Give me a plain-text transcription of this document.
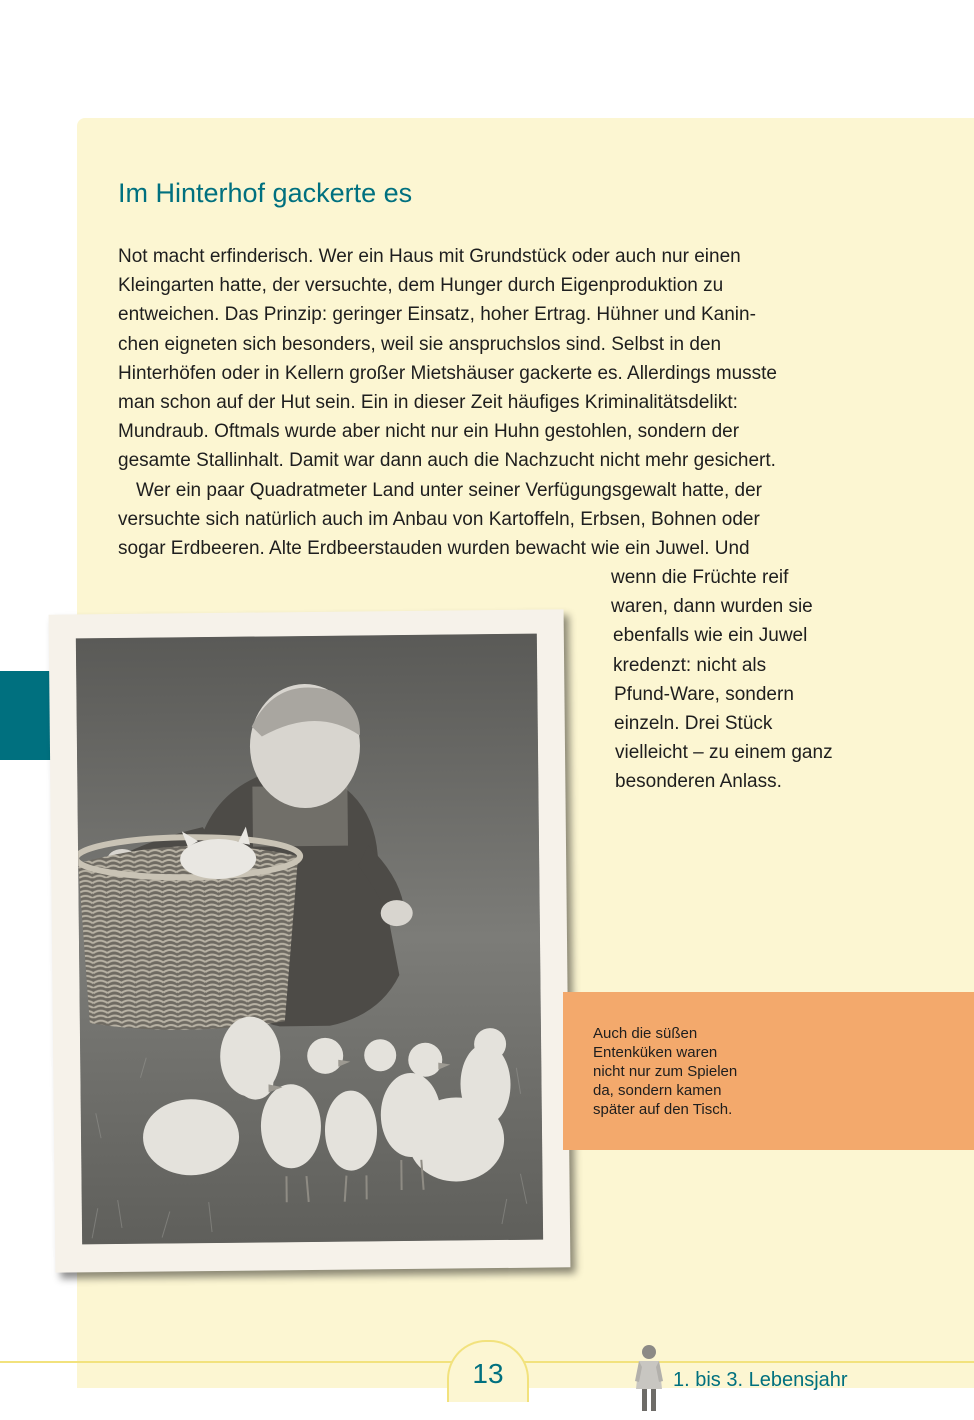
Im Hinterhof gackerte es

Not macht erfinderisch. Wer ein Haus mit Grundstück oder auch nur einen

Kleingarten hatte, der versuchte, dem Hunger durch Eigenproduktion zu

entweichen. Das Prinzip: geringer Einsatz, hoher Ertrag. Hühner und Kanin-

chen eigneten sich besonders, weil sie anspruchslos sind. Selbst in den

Hinterhöfen oder in Kellern großer Mietshäuser gackerte es. Allerdings musste

man schon auf der Hut sein. Ein in dieser Zeit häufiges Kriminalitätsdelikt:

Mundraub. Oftmals wurde aber nicht nur ein Huhn gestohlen, sondern der

gesamte Stallinhalt. Damit war dann auch die Nachzucht nicht mehr gesichert.

Wer ein paar Quadratmeter Land unter seiner Verfügungsgewalt hatte, der

versuchte sich natürlich auch im Anbau von Kartoffeln, Erbsen, Bohnen oder

sogar Erdbeeren. Alte Erdbeerstauden wurden bewacht wie ein Juwel. Und

wenn die Früchte reif
waren, dann wurden sie
ebenfalls wie ein Juwel
kredenzt: nicht als
Pfund-Ware, sondern
einzeln. Drei Stück
vielleicht – zu einem ganz
besonderen Anlass.
Auch die süßen
Entenküken waren
nicht nur zum Spielen
da, sondern kamen
später auf den Tisch.
13	1. bis 3. Lebensjahr
